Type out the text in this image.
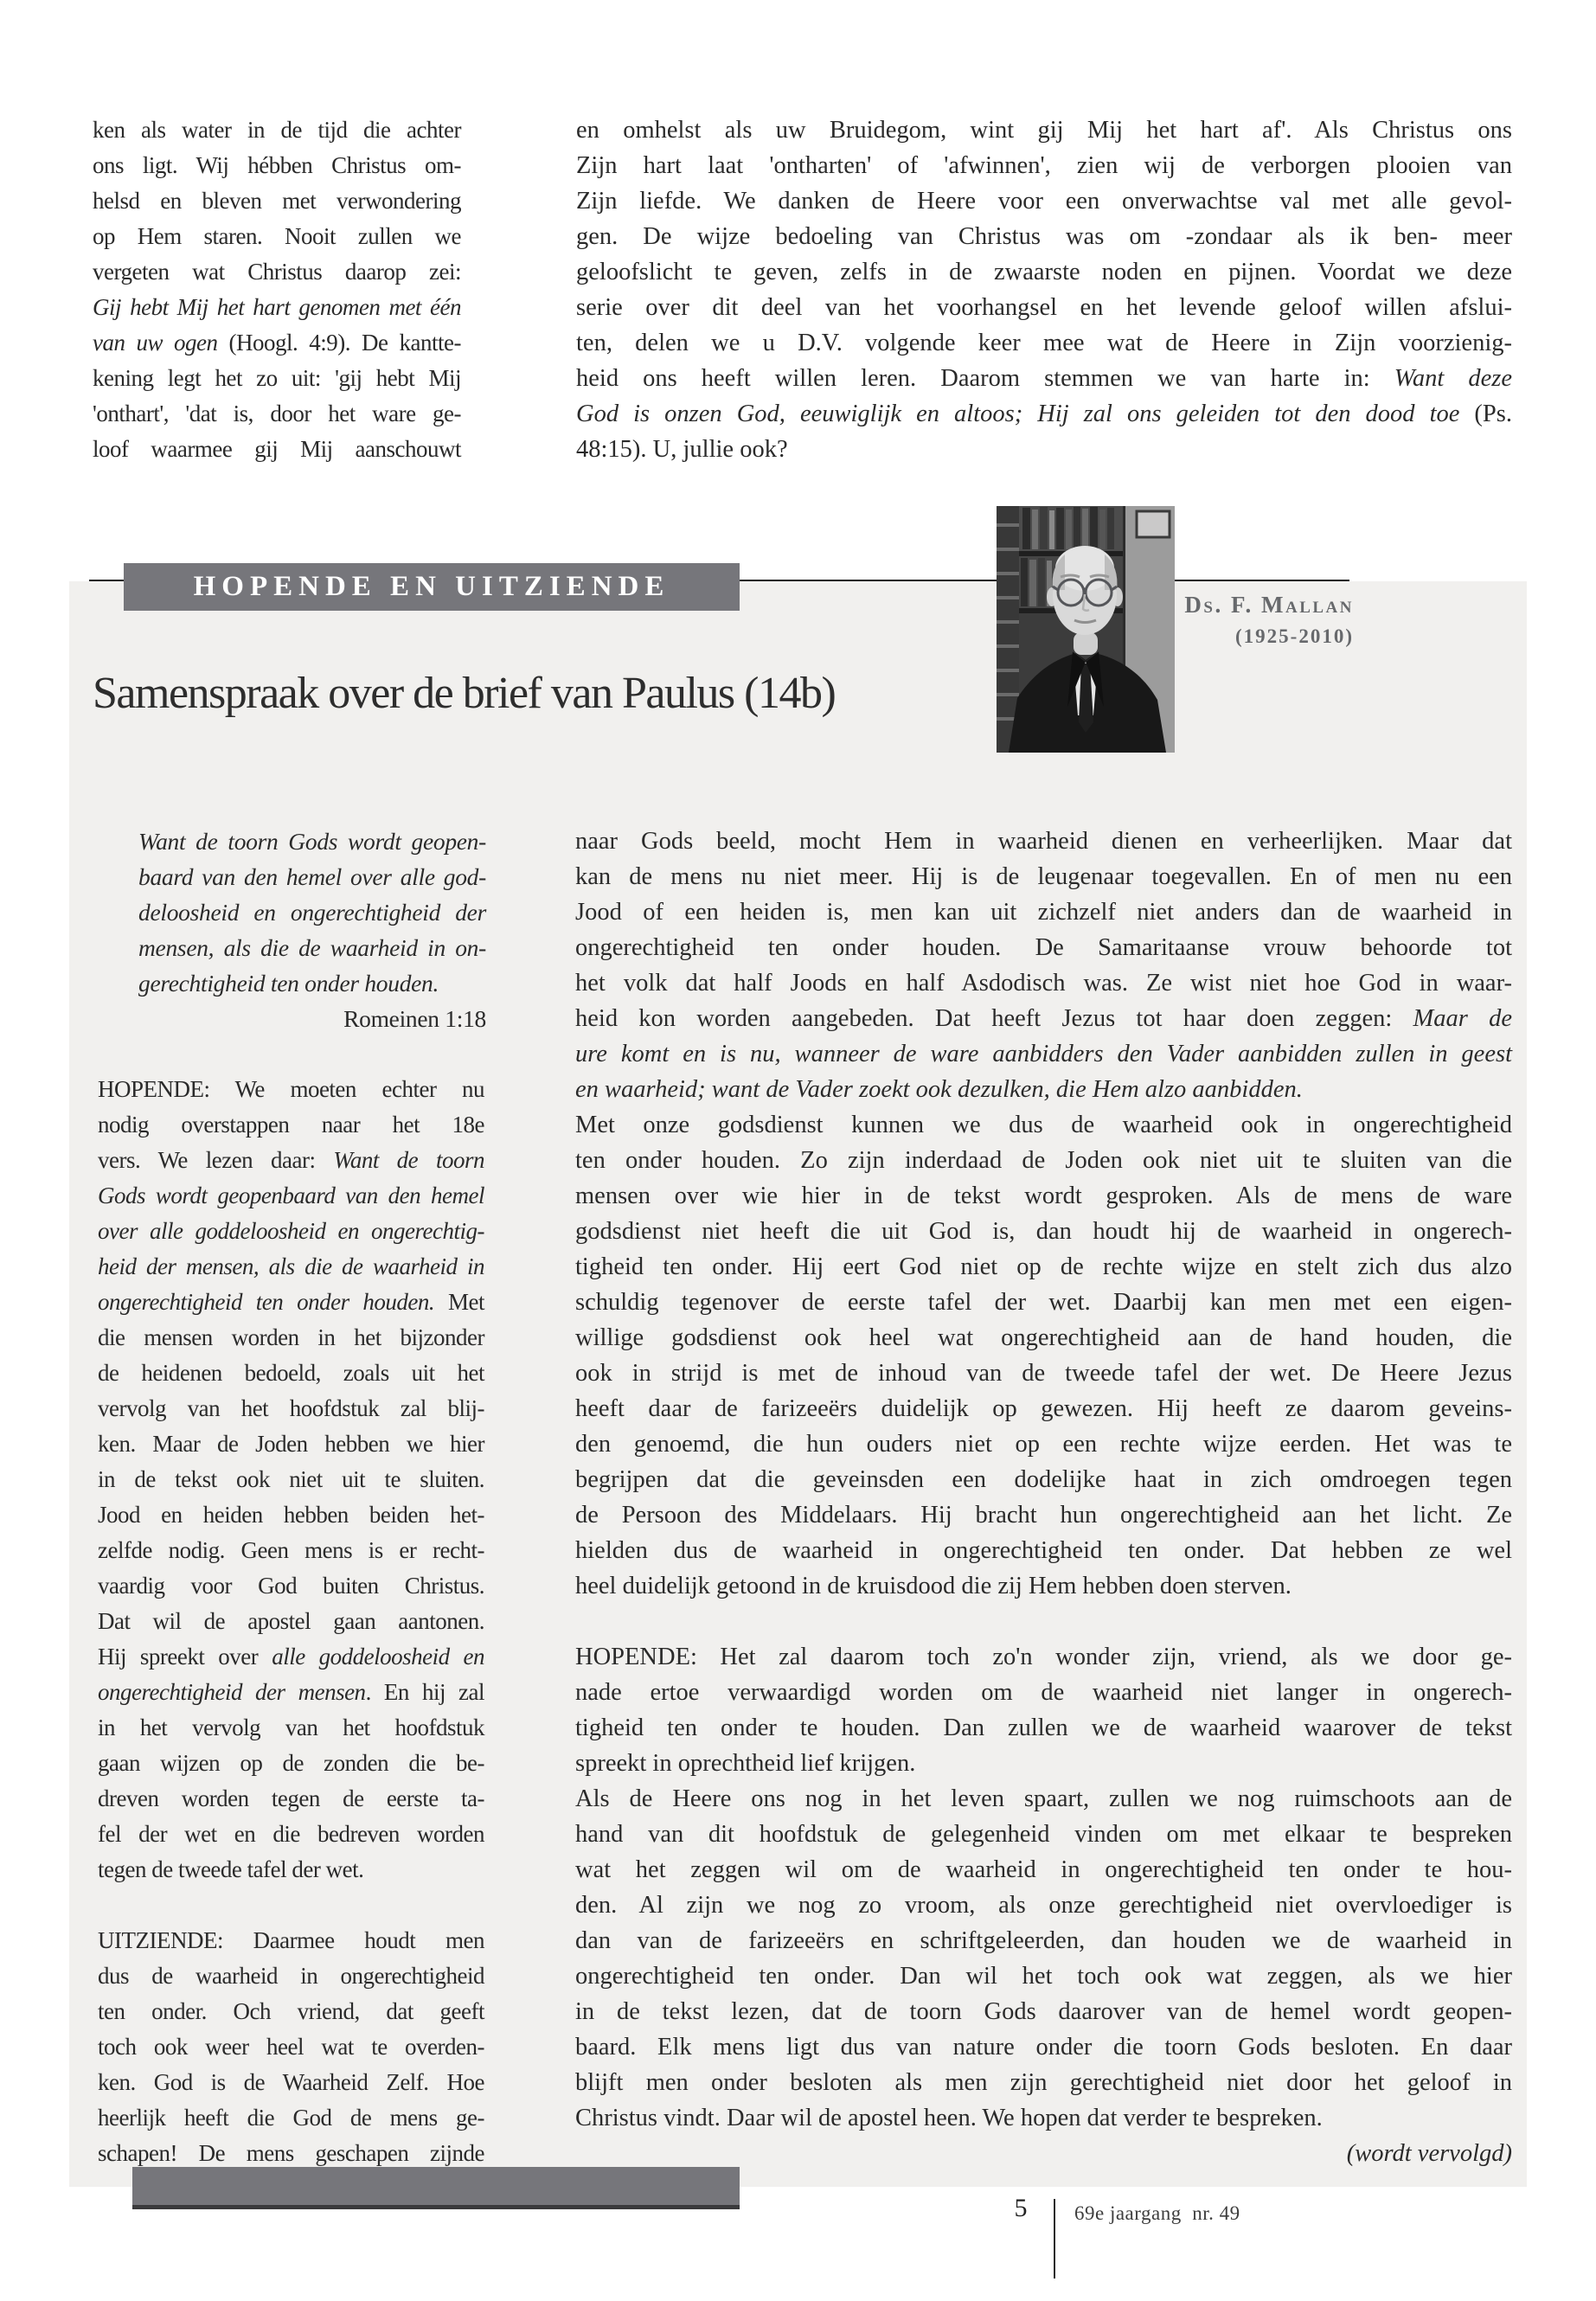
ken als water in de tijd die achter
ons ligt. Wij hébben Christus om-
helsd en bleven met verwondering
op Hem staren. Nooit zullen we
vergeten wat Christus daarop zei:
Gij hebt Mij het hart genomen met één
van uw ogen (Hoogl. 4:9). De kantte-
kening legt het zo uit: 'gij hebt Mij
'onthart', 'dat is, door het ware ge-
loof waarmee gij Mij aanschouwt
en omhelst als uw Bruidegom, wint gij Mij het hart af'. Als Christus ons
Zijn hart laat 'ontharten' of 'afwinnen', zien wij de verborgen plooien van
Zijn liefde. We danken de Heere voor een onverwachtse val met alle gevol-
gen. De wijze bedoeling van Christus was om -zondaar als ik ben- meer
geloofslicht te geven, zelfs in de zwaarste noden en pijnen. Voordat we deze
serie over dit deel van het voorhangsel en het levende geloof willen afslui-
ten, delen we u D.V. volgende keer mee wat de Heere in Zijn voorzienig-
heid ons heeft willen leren. Daarom stemmen we van harte in: Want deze
God is onzen God, eeuwiglijk en altoos; Hij zal ons geleiden tot den dood toe (Ps.
48:15). U, jullie ook?
HOPENDE EN UITZIENDE
Ds. F. Mallan
(1925-2010)
Samenspraak over de brief van Paulus (14b)
Want de toorn Gods wordt geopen-
baard van den hemel over alle god-
deloosheid en ongerechtigheid der
mensen, als die de waarheid in on-
gerechtigheid ten onder houden.
Romeinen 1:18
HOPENDE: We moeten echter nu
nodig overstappen naar het 18e
vers. We lezen daar: Want de toorn
Gods wordt geopenbaard van den hemel
over alle goddeloosheid en ongerechtig-
heid der mensen, als die de waarheid in
ongerechtigheid ten onder houden. Met
die mensen worden in het bijzonder
de heidenen bedoeld, zoals uit het
vervolg van het hoofdstuk zal blij-
ken. Maar de Joden hebben we hier
in de tekst ook niet uit te sluiten.
Jood en heiden hebben beiden het-
zelfde nodig. Geen mens is er recht-
vaardig voor God buiten Christus.
Dat wil de apostel gaan aantonen.
Hij spreekt over alle goddeloosheid en
ongerechtigheid der mensen. En hij zal
in het vervolg van het hoofdstuk
gaan wijzen op de zonden die be-
dreven worden tegen de eerste ta-
fel der wet en die bedreven worden
tegen de tweede tafel der wet.
UITZIENDE: Daarmee houdt men
dus de waarheid in ongerechtigheid
ten onder. Och vriend, dat geeft
toch ook weer heel wat te overden-
ken. God is de Waarheid Zelf. Hoe
heerlijk heeft die God de mens ge-
schapen! De mens geschapen zijnde
naar Gods beeld, mocht Hem in waarheid dienen en verheerlijken. Maar dat
kan de mens nu niet meer. Hij is de leugenaar toegevallen. En of men nu een
Jood of een heiden is, men kan uit zichzelf niet anders dan de waarheid in
ongerechtigheid ten onder houden. De Samaritaanse vrouw behoorde tot
het volk dat half Joods en half Asdodisch was. Ze wist niet hoe God in waar-
heid kon worden aangebeden. Dat heeft Jezus tot haar doen zeggen: Maar de
ure komt en is nu, wanneer de ware aanbidders den Vader aanbidden zullen in geest
en waarheid; want de Vader zoekt ook dezulken, die Hem alzo aanbidden.
Met onze godsdienst kunnen we dus de waarheid ook in ongerechtigheid
ten onder houden. Zo zijn inderdaad de Joden ook niet uit te sluiten van die
mensen over wie hier in de tekst wordt gesproken. Als de mens de ware
godsdienst niet heeft die uit God is, dan houdt hij de waarheid in ongerech-
tigheid ten onder. Hij eert God niet op de rechte wijze en stelt zich dus alzo
schuldig tegenover de eerste tafel der wet. Daarbij kan men met een eigen-
willige godsdienst ook heel wat ongerechtigheid aan de hand houden, die
ook in strijd is met de inhoud van de tweede tafel der wet. De Heere Jezus
heeft daar de farizeeërs duidelijk op gewezen. Hij heeft ze daarom geveins-
den genoemd, die hun ouders niet op een rechte wijze eerden. Het was te
begrijpen dat die geveinsden een dodelijke haat in zich omdroegen tegen
de Persoon des Middelaars. Hij bracht hun ongerechtigheid aan het licht. Ze
hielden dus de waarheid in ongerechtigheid ten onder. Dat hebben ze wel
heel duidelijk getoond in de kruisdood die zij Hem hebben doen sterven.
HOPENDE: Het zal daarom toch zo'n wonder zijn, vriend, als we door ge-
nade ertoe verwaardigd worden om de waarheid niet langer in ongerech-
tigheid ten onder te houden. Dan zullen we de waarheid waarover de tekst
spreekt in oprechtheid lief krijgen.
Als de Heere ons nog in het leven spaart, zullen we nog ruimschoots aan de
hand van dit hoofdstuk de gelegenheid vinden om met elkaar te bespreken
wat het zeggen wil om de waarheid in ongerechtigheid ten onder te hou-
den. Al zijn we nog zo vroom, als onze gerechtigheid niet overvloediger is
dan van de farizeeërs en schriftgeleerden, dan houden we de waarheid in
ongerechtigheid ten onder. Dan wil het toch ook wat zeggen, als we hier
in de tekst lezen, dat de toorn Gods daarover van de hemel wordt geopen-
baard. Elk mens ligt dus van nature onder die toorn Gods besloten. En daar
blijft men onder besloten als men zijn gerechtigheid niet door het geloof in
Christus vindt. Daar wil de apostel heen. We hopen dat verder te bespreken.
(wordt vervolgd)
5	69e jaargang  nr. 49
